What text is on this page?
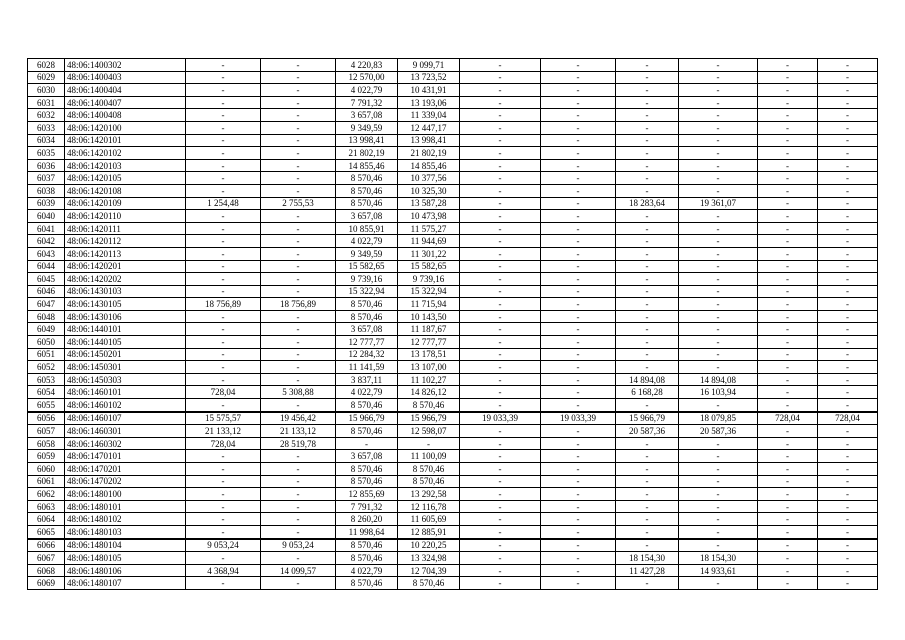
6028	48:06:1400302	-	-	4 220,83	9 099,71	-	-	-	-	-	-
6029	48:06:1400403	-	-	12 570,00	13 723,52	-	-	-	-	-	-
6030	48:06:1400404	-	-	4 022,79	10 431,91	-	-	-	-	-	-
6031	48:06:1400407	-	-	7 791,32	13 193,06	-	-	-	-	-	-
6032	48:06:1400408	-	-	3 657,08	11 339,04	-	-	-	-	-	-
6033	48:06:1420100	-	-	9 349,59	12 447,17	-	-	-	-	-	-
6034	48:06:1420101	-	-	13 998,41	13 998,41	-	-	-	-	-	-
6035	48:06:1420102	-	-	21 802,19	21 802,19	-	-	-	-	-	-
6036	48:06:1420103	-	-	14 855,46	14 855,46	-	-	-	-	-	-
6037	48:06:1420105	-	-	8 570,46	10 377,56	-	-	-	-	-	-
6038	48:06:1420108	-	-	8 570,46	10 325,30	-	-	-	-	-	-
6039	48:06:1420109	1 254,48	2 755,53	8 570,46	13 587,28	-	-	18 283,64	19 361,07	-	-
6040	48:06:1420110	-	-	3 657,08	10 473,98	-	-	-	-	-	-
6041	48:06:1420111	-	-	10 855,91	11 575,27	-	-	-	-	-	-
6042	48:06:1420112	-	-	4 022,79	11 944,69	-	-	-	-	-	-
6043	48:06:1420113	-	-	9 349,59	11 301,22	-	-	-	-	-	-
6044	48:06:1420201	-	-	15 582,65	15 582,65	-	-	-	-	-	-
6045	48:06:1420202	-	-	9 739,16	9 739,16	-	-	-	-	-	-
6046	48:06:1430103	-	-	15 322,94	15 322,94	-	-	-	-	-	-
6047	48:06:1430105	18 756,89	18 756,89	8 570,46	11 715,94	-	-	-	-	-	-
6048	48:06:1430106	-	-	8 570,46	10 143,50	-	-	-	-	-	-
6049	48:06:1440101	-	-	3 657,08	11 187,67	-	-	-	-	-	-
6050	48:06:1440105	-	-	12 777,77	12 777,77	-	-	-	-	-	-
6051	48:06:1450201	-	-	12 284,32	13 178,51	-	-	-	-	-	-
6052	48:06:1450301	-	-	11 141,59	13 107,00	-	-	-	-	-	-
6053	48:06:1450303	-	-	3 837,11	11 102,27	-	-	14 894,08	14 894,08	-	-
6054	48:06:1460101	728,04	5 308,88	4 022,79	14 826,12	-	-	6 168,28	16 103,94	-	-
6055	48:06:1460102	-	-	8 570,46	8 570,46	-	-	-	-	-	-
6056	48:06:1460107	15 575,57	19 456,42	15 966,79	15 966,79	19 033,39	19 033,39	15 966,79	18 079,85	728,04	728,04
6057	48:06:1460301	21 133,12	21 133,12	8 570,46	12 598,07	-	-	20 587,36	20 587,36	-	-
6058	48:06:1460302	728,04	28 519,78	-	-	-	-	-	-	-	-
6059	48:06:1470101	-	-	3 657,08	11 100,09	-	-	-	-	-	-
6060	48:06:1470201	-	-	8 570,46	8 570,46	-	-	-	-	-	-
6061	48:06:1470202	-	-	8 570,46	8 570,46	-	-	-	-	-	-
6062	48:06:1480100	-	-	12 855,69	13 292,58	-	-	-	-	-	-
6063	48:06:1480101	-	-	7 791,32	12 116,78	-	-	-	-	-	-
6064	48:06:1480102	-	-	8 260,20	11 605,69	-	-	-	-	-	-
6065	48:06:1480103	-	-	11 998,64	12 885,91	-	-	-	-	-	-
6066	48:06:1480104	9 053,24	9 053,24	8 570,46	10 220,25	-	-	-	-	-	-
6067	48:06:1480105	-	-	8 570,46	13 324,98	-	-	18 154,30	18 154,30	-	-
6068	48:06:1480106	4 368,94	14 099,57	4 022,79	12 704,39	-	-	11 427,28	14 933,61	-	-
6069	48:06:1480107	-	-	8 570,46	8 570,46	-	-	-	-	-	-
